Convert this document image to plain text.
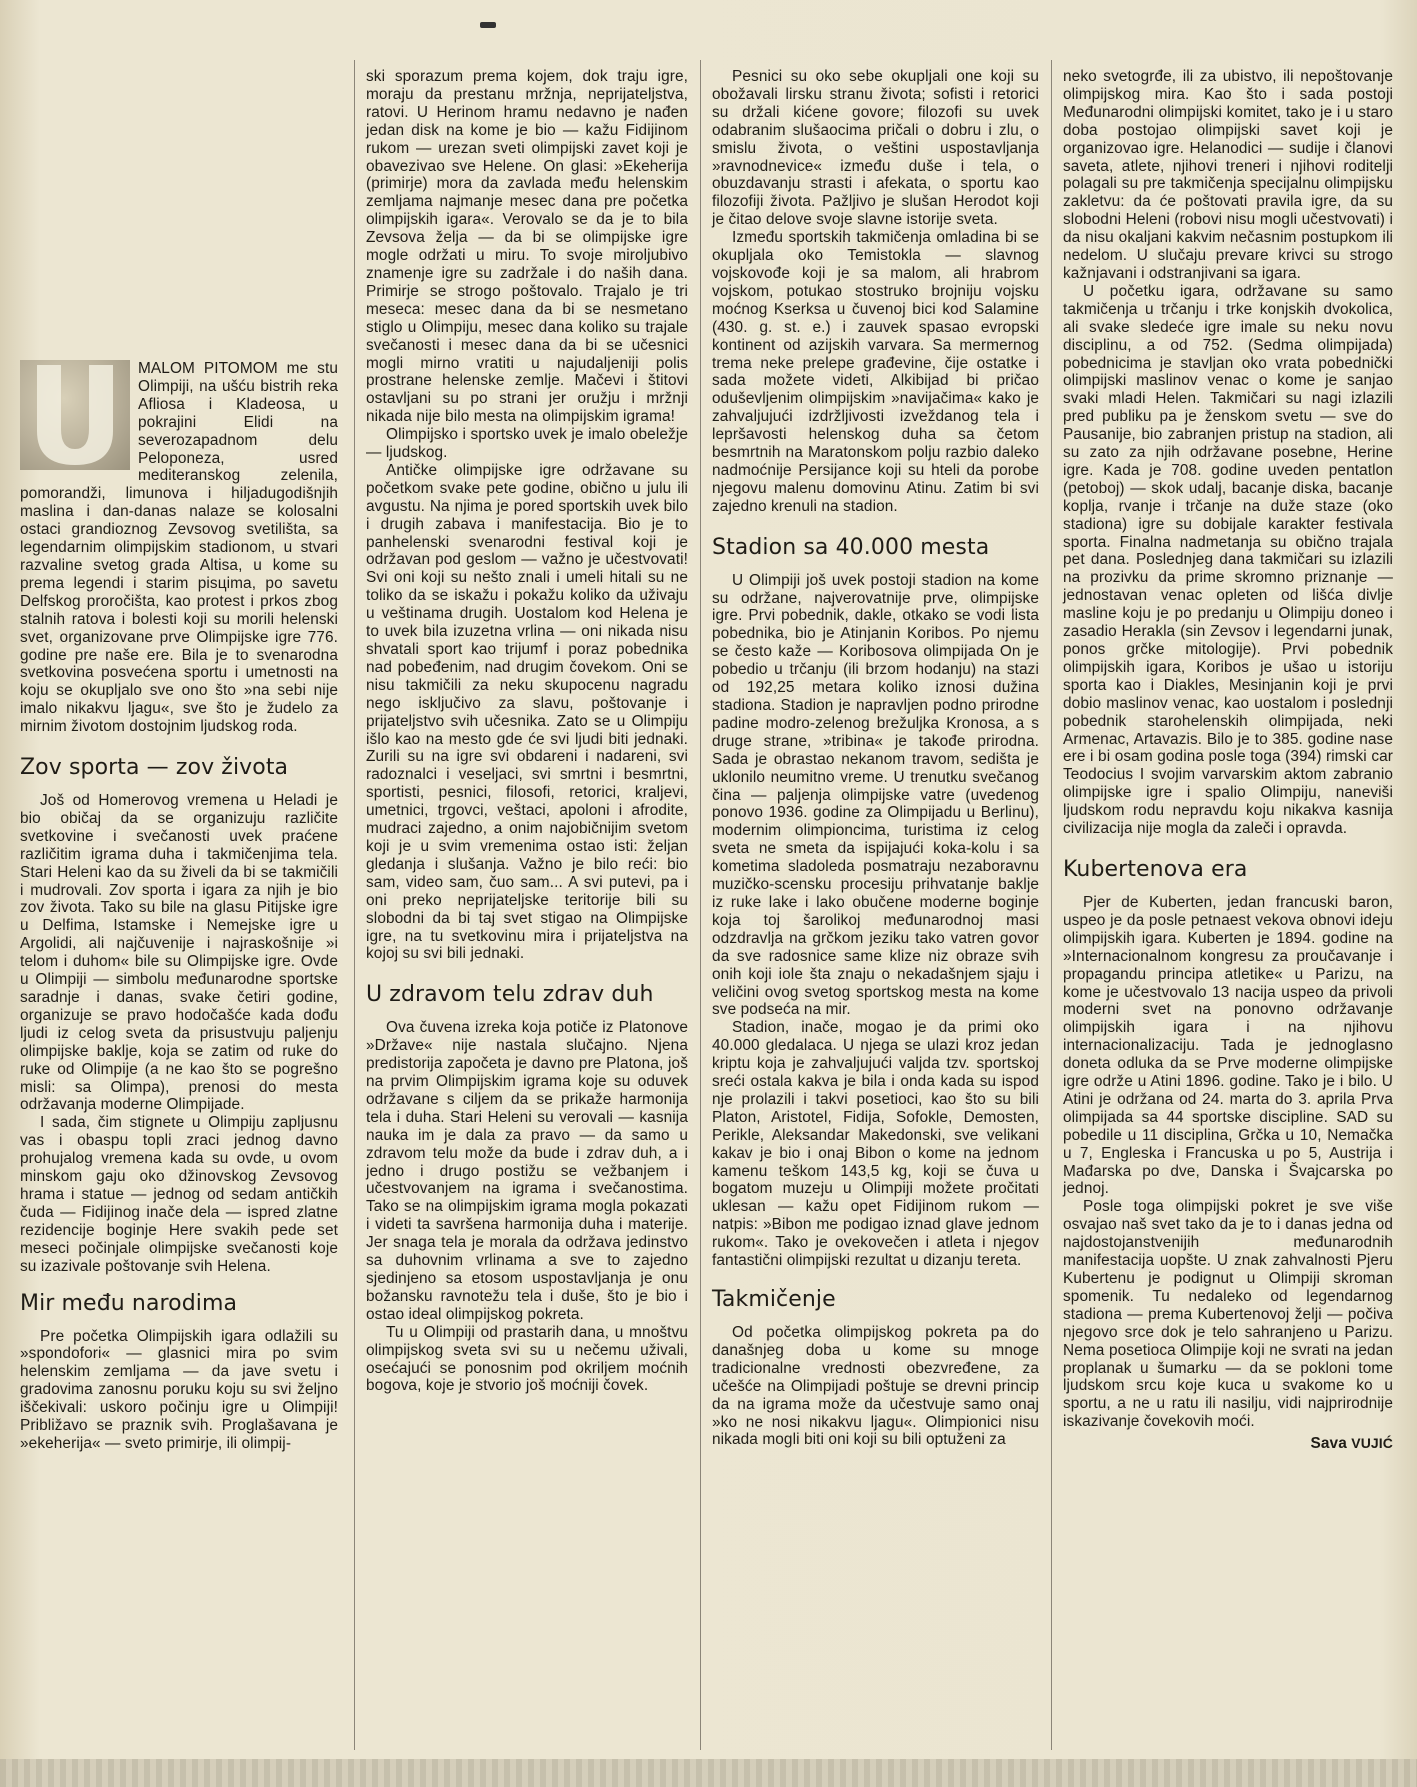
MALOM PITOMOM me stu Olimpiji, na ušću bistrih reka Afliosa i Kladeosa, u pokrajini Elidi na severozapadnom delu Peloponeza, usred mediteranskog zelenila, pomorandži, limunova i hiljadugodišnjih maslina i dan-danas nalaze se kolosalni ostaci grandioznog Zevsovog svetilišta, sa legendarnim olimpijskim stadionom, u stvari razvaline svetog grada Altisa, u kome su prema legendi i starim pisцima, po savetu Delfskog proročišta, kao protest i prkos zbog stalnih ratova i bolesti koji su morili helenski svet, organizovane prve Olimpijske igre 776. godine pre naše ere. Bila je to svenarodna svetkovina posvećena sportu i umetnosti na koju se okupljalo sve ono što »na sebi nije imalo nikakvu ljagu«, sve što je žudelo za mirnim životom dostojnim ljudskog roda.

Zov sporta — zov života

Još od Homerovog vremena u Heladi je bio običaj da se organizuju različite svetkovine i svečanosti uvek praćene različitim igrama duha i takmičenjima tela. Stari Heleni kao da su živeli da bi se takmičili i mudrovali. Zov sporta i igara za njih je bio zov života. Tako su bile na glasu Pitijske igre u Delfima, Istamske i Nemejske igre u Argolidi, ali najčuvenije i najraskošnije »i telom i duhom« bile su Olimpijske igre. Ovde u Olimpiji — simbolu međunarodne sportske saradnje i danas, svake četiri godine, organizuje se pravo hodočašće kada dođu ljudi iz celog sveta da prisustvuju paljenju olimpijske baklje, koja se zatim od ruke do ruke od Olimpije (a ne kao što se pogrešno misli: sa Olimpa), prenosi do mesta održavanja moderne Olimpijade.

I sada, čim stignete u Olimpiju zapljusnu vas i obaspu topli zraci jednog davno prohujalog vremena kada su ovde, u ovom minskom gaju oko džinovskog Zevsovog hrama i statue — jednog od sedam antičkih čuda — Fidijinog inače dela — ispred zlatne rezidencije boginje Here svakih pede set meseci počinjale olimpijske svečanosti koje su izazivale poštovanje svih Helena.

Mir među narodima

Pre početka Olimpijskih igara odlažili su »spondofori« — glasnici mira po svim helenskim zemljama — da jave svetu i gradovima zanosnu poruku koju su svi željno iščekivali: uskoro počinju igre u Olimpiji! Približavo se praznik svih. Proglašavana je »ekeherija« — sveto primirje, ili olimpij-

ski sporazum prema kojem, dok traju igre, moraju da prestanu mržnja, neprijateljstva, ratovi. U Herinom hramu nedavno je nađen jedan disk na kome je bio — kažu Fidijinom rukom — urezan sveti olimpijski zavet koji je obavezivao sve Helene. On glasi: »Ekeherija (primirje) mora da zavlada među helenskim zemljama najmanje mesec dana pre početka olimpijskih igara«. Verovalo se da je to bila Zevsova želja — da bi se olimpijske igre mogle održati u miru. To svoje miroljubivo znamenje igre su zadržale i do naših dana. Primirje se strogo poštovalo. Trajalo je tri meseca: mesec dana da bi se nesmetano stiglo u Olimpiju, mesec dana koliko su trajale svečanosti i mesec dana da bi se učesnici mogli mirno vratiti u najudaljeniji polis prostrane helenske zemlje. Mačevi i štitovi ostavljani su po strani jer oružju i mržnji nikada nije bilo mesta na olimpijskim igrama!

Olimpijsko i sportsko uvek je imalo obeležje — ljudskog.

Antičke olimpijske igre održavane su početkom svake pete godine, obično u julu ili avgustu. Na njima je pored sportskih uvek bilo i drugih zabava i manifestacija. Bio je to panhelenski svenarodni festival koji je održavan pod geslom — važno je učestvovati! Svi oni koji su nešto znali i umeli hitali su ne toliko da se iskažu i pokažu koliko da uživaju u veštinama drugih. Uostalom kod Helena je to uvek bila izuzetna vrlina — oni nikada nisu shvatali sport kao trijumf i poraz pobednika nad pobeđenim, nad drugim čovekom. Oni se nisu takmičili za neku skupocenu nagradu nego isključivo za slavu, poštovanje i prijateljstvo svih učesnika. Zato se u Olimpiju išlo kao na mesto gde će svi ljudi biti jednaki. Zurili su na igre svi obdareni i nadareni, svi radoznalci i veseljaci, svi smrtni i besmrtni, sportisti, pesnici, filosofi, retorici, kraljevi, umetnici, trgovci, veštaci, apoloni i afrodite, mudraci zajedno, a onim najobičnijim svetom koji je u svim vremenima ostao isti: željan gledanja i slušanja. Važno je bilo reći: bio sam, video sam, čuo sam... A svi putevi, pa i oni preko neprijateljske teritorije bili su slobodni da bi taj svet stigao na Olimpijske igre, na tu svetkovinu mira i prijateljstva na kojoj su svi bili jednaki.

U zdravom telu zdrav duh

Ova čuvena izreka koja potiče iz Platonove »Države« nije nastala slučajno. Njena predistorija započeta je davno pre Platona, još na prvim Olimpijskim igrama koje su oduvek održavane s ciljem da se prikaže harmonija tela i duha. Stari Heleni su verovali — kasnija nauka im je dala za pravo — da samo u zdravom telu može da bude i zdrav duh, a i jedno i drugo postižu se vežbanjem i učestvovanjem na igrama i svečanostima. Tako se na olimpijskim igrama mogla pokazati i videti ta savršena harmonija duha i materije. Jer snaga tela je morala da održava jedinstvo sa duhovnim vrlinama a sve to zajedno sjedinjeno sa etosom uspostavljanja je onu božansku ravnotežu tela i duše, što je bio i ostao ideal olimpijskog pokreta.

Tu u Olimpiji od prastarih dana, u mnoštvu olimpijskog sveta svi su u nečemu uživali, osećajući se ponosnim pod okriljem moćnih bogova, koje je stvorio još moćniji čovek.

Pesnici su oko sebe okupljali one koji su obožavali lirsku stranu života; sofisti i retorici su držali kićene govore; filozofi su uvek odabranim slušaocima pričali o dobru i zlu, o smislu života, o veštini uspostavljanja »ravnodnevice« između duše i tela, o obuzdavanju strasti i afekata, o sportu kao filozofiji života. Pažljivo je slušan Herodot koji je čitao delove svoje slavne istorije sveta.

Između sportskih takmičenja omladina bi se okupljala oko Temistokla — slavnog vojskovođe koji je sa malom, ali hrabrom vojskom, potukao stostruko brojniju vojsku moćnog Kserksa u čuvenoj bici kod Salamine (430. g. st. e.) i zauvek spasao evropski kontinent od azijskih varvara. Sa mermernog trema neke prelepe građevine, čije ostatke i sada možete videti, Alkibijad bi pričao oduševljenim olimpijskim »navijačima« kako je zahvaljujući izdržljivosti izveždanog tela i lepršavosti helenskog duha sa četom besmrtnih na Maratonskom polju razbio daleko nadmoćnije Persijance koji su hteli da porobe njegovu malenu domovinu Atinu. Zatim bi svi zajedno krenuli na stadion.

Stadion sa 40.000 mesta

U Olimpiji još uvek postoji stadion na kome su održane, najverovatnije prve, olimpijske igre. Prvi pobednik, dakle, otkako se vodi lista pobednika, bio je Atinjanin Koribos. Po njemu se često kaže — Koribosova olimpijada On je pobedio u trčanju (ili brzom hodanju) na stazi od 192,25 metara koliko iznosi dužina stadiona. Stadion je napravljen podno prirodne padine modro-zelenog brežuljka Kronosa, a s druge strane, »tribina« je takođe prirodna. Sada je obrastao nekanom travom, sedišta je uklonilo neumitno vreme. U trenutku svečanog čina — paljenja olimpijske vatre (uvedenog ponovo 1936. godine za Olimpijadu u Berlinu), modernim olimpioncima, turistima iz celog sveta ne smeta da ispijajući koka-kolu i sa kometima sladoleda posmatraju nezaboravnu muzičko-scensku procesiju prihvatanje baklje iz ruke lake i lako obučene moderne boginje koja toj šarolikoj međunarodnoj masi odzdravlja na grčkom jeziku tako vatren govor da sve radosnice same klize niz obraze svih onih koji iole šta znaju o nekadašnjem sjaju i veličini ovog svetog sportskog mesta na kome sve podseća na mir.

Stadion, inače, mogao je da primi oko 40.000 gledalaca. U njega se ulazi kroz jedan kriptu koja je zahvaljujući valjda tzv. sportskoj sreći ostala kakva je bila i onda kada su ispod nje prolazili i takvi posetioci, kao što su bili Platon, Aristotel, Fidija, Sofokle, Demosten, Perikle, Aleksandar Makedonski, sve velikani kakav je bio i onaj Bibon o kome na jednom kamenu teškom 143,5 kg, koji se čuva u bogatom muzeju u Olimpiji možete pročitati uklesan — kažu opet Fidijinom rukom — natpis: »Bibon me podigao iznad glave jednom rukom«. Tako je ovekovečen i atleta i njegov fantastični olimpijski rezultat u dizanju tereta.

Takmičenje

Od početka olimpijskog pokreta pa do današnjeg doba u kome su mnoge tradicionalne vrednosti obezvređene, za učešće na Olimpijadi poštuje se drevni princip da na igrama može da učestvuje samo onaj »ko ne nosi nikakvu ljagu«. Olimpionici nisu nikada mogli biti oni koji su bili optuženi za

neko svetogrđe, ili za ubistvo, ili nepoštovanje olimpijskog mira. Kao što i sada postoji Međunarodni olimpijski komitet, tako je i u staro doba postojao olimpijski savet koji je organizovao igre. Helanodici — sudije i članovi saveta, atlete, njihovi treneri i njihovi roditelji polagali su pre takmičenja specijalnu olimpijsku zakletvu: da će poštovati pravila igre, da su slobodni Heleni (robovi nisu mogli učestvovati) i da nisu okaljani kakvim nečasnim postupkom ili nedelom. U slučaju prevare krivci su strogo kažnjavani i odstranjivani sa igara.

U početku igara, održavane su samo takmičenja u trčanju i trke konjskih dvokolica, ali svake sledeće igre imale su neku novu disciplinu, a od 752. (Sedma olimpijada) pobednicima je stavljan oko vrata pobednički olimpijski maslinov venac o kome je sanjao svaki mladi Helen. Takmičari su nagi izlazili pred publiku pa je ženskom svetu — sve do Pausanije, bio zabranjen pristup na stadion, ali su zato za njih održavane posebne, Herine igre. Kada je 708. godine uveden pentatlon (petoboj) — skok udalj, bacanje diska, bacanje koplja, rvanje i trčanje na duže staze (oko stadiona) igre su dobijale karakter festivala sporta. Finalna nadmetanja su obično trajala pet dana. Poslednjeg dana takmičari su izlazili na prozivku da prime skromno priznanje — jednostavan venac opleten od lišća divlje masline koju je po predanju u Olimpiju doneo i zasadio Herakla (sin Zevsov i legendarni junak, ponos grčke mitologije). Prvi pobednik olimpijskih igara, Koribos je ušao u istoriju sporta kao i Diakles, Mesinjanin koji je prvi dobio maslinov venac, kao uostalom i poslednji pobednik starohelenskih olimpijada, neki Armenac, Artavazis. Bilo je to 385. godine nase ere i bi osam godina posle toga (394) rimski car Teodocius I svojim varvarskim aktom zabranio olimpijske igre i spalio Olimpiju, naneviši ljudskom rodu nepravdu koju nikakva kasnija civilizacija nije mogla da zaleči i opravda.

Kubertenova era

Pjer de Kuberten, jedan francuski baron, uspeo je da posle petnaest vekova obnovi ideju olimpijskih igara. Kuberten je 1894. godine na »Internacionalnom kongresu za proučavanje i propagandu principa atletike« u Parizu, na kome je učestvovalo 13 nacija uspeo da privoli moderni svet na ponovno održavanje olimpijskih igara i na njihovu internacionalizaciju. Tada je jednoglasno doneta odluka da se Prve moderne olimpijske igre održe u Atini 1896. godine. Tako je i bilo. U Atini je održana od 24. marta do 3. aprila Prva olimpijada sa 44 sportske discipline. SAD su pobedile u 11 disciplina, Grčka u 10, Nemačka u 7, Engleska i Francuska u po 5, Austrija i Mađarska po dve, Danska i Švajcarska po jednoj.

Posle toga olimpijski pokret je sve više osvajao naš svet tako da je to i danas jedna od najdostojanstvenijih međunarodnih manifestacija uopšte. U znak zahvalnosti Pjeru Kubertenu je podignut u Olimpiji skroman spomenik. Tu nedaleko od legendarnog stadiona — prema Kubertenovoj želji — počiva njegovo srce dok je telo sahranjeno u Parizu. Nema posetioca Olimpije koji ne svrati na jedan proplanak u šumarku — da se pokloni tome ljudskom srcu koje kuca u svakome ko u sportu, a ne u ratu ili nasilju, vidi najprirodnije iskazivanje čovekovih moći.

Sava VUJIĆ
